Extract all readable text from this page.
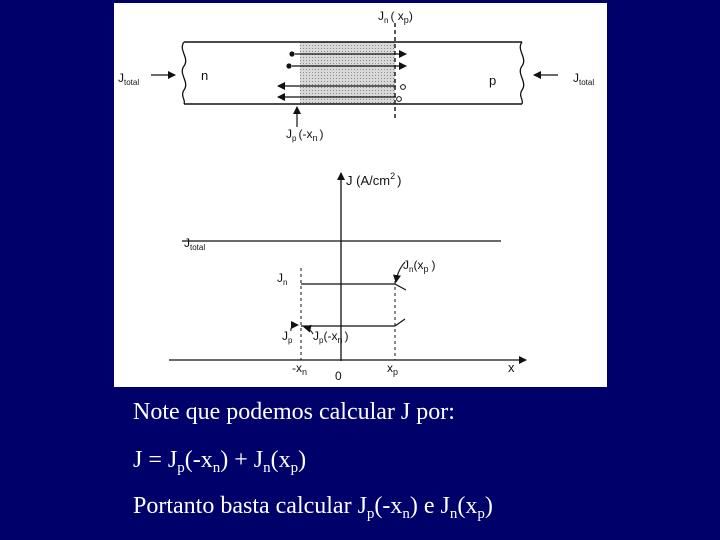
n	p
$J_{total}$	$J_{total}$
$J_n$ ( $x_p$)
$J_p$ ($-x_n$ )
J ($A/cm^2$ )
x
$J_{total}$
$J_n$
$J_p$
$J_n(x_p$ )
$J_p(-x_n$ )
$-x_n$ 0
$x_p$
Note que podemos calcular J por:
$J = J_p(-x_n) + J_n(x_p)$
Portanto basta calcular $J_p(-x_n)$ e $J_n(x_p)$
